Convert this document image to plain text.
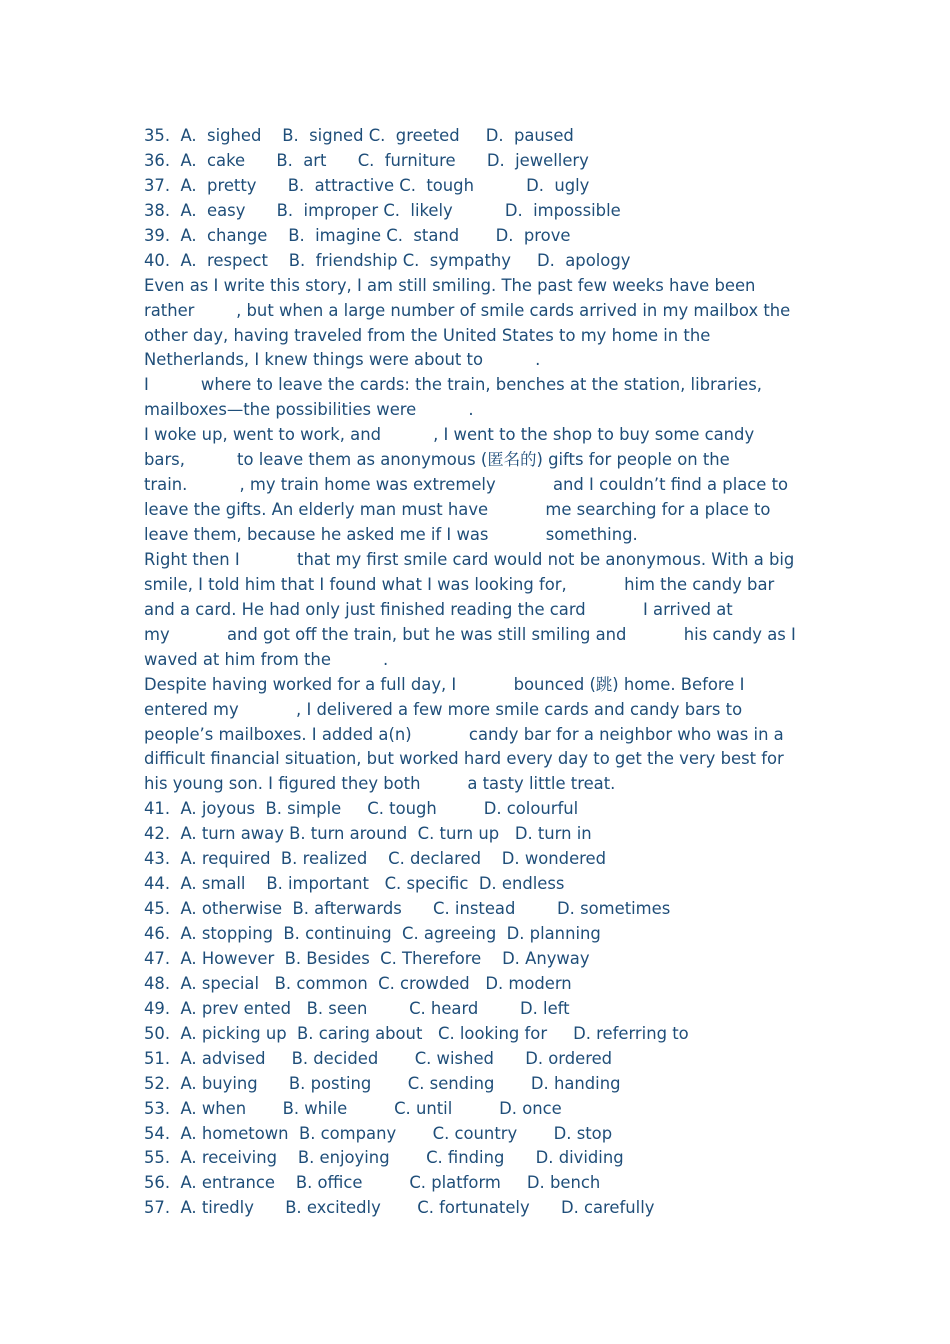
35.  A.  sighed    B.  signed C.  greeted     D.  paused
36.  A.  cake      B.  art      C.  furniture      D.  jewellery
37.  A.  pretty      B.  attractive C.  tough          D.  ugly
38.  A.  easy      B.  improper C.  likely          D.  impossible
39.  A.  change    B.  imagine C.  stand       D.  prove
40.  A.  respect    B.  friendship C.  sympathy     D.  apology
Even as I write this story, I am still smiling. The past few weeks have been
rather        , but when a large number of smile cards arrived in my mailbox the
other day, having traveled from the United States to my home in the
Netherlands, I knew things were about to          .
I          where to leave the cards: the train, benches at the station, libraries,
mailboxes—the possibilities were          .
I woke up, went to work, and          , I went to the shop to buy some candy
bars,          to leave them as anonymous (匿名的) gifts for people on the
train.          , my train home was extremely           and I couldn’t find a place to
leave the gifts. An elderly man must have           me searching for a place to
leave them, because he asked me if I was           something.
Right then I           that my first smile card would not be anonymous. With a big
smile, I told him that I found what I was looking for,           him the candy bar
and a card. He had only just finished reading the card           I arrived at
my           and got off the train, but he was still smiling and           his candy as I
waved at him from the          .
Despite having worked for a full day, I           bounced (跳) home. Before I
entered my           , I delivered a few more smile cards and candy bars to
people’s mailboxes. I added a(n)           candy bar for a neighbor who was in a
difficult financial situation, but worked hard every day to get the very best for
his young son. I figured they both         a tasty little treat.
41.  A. joyous  B. simple     C. tough         D. colourful
42.  A. turn away B. turn around  C. turn up   D. turn in
43.  A. required  B. realized    C. declared    D. wondered
44.  A. small    B. important   C. specific  D. endless
45.  A. otherwise  B. afterwards      C. instead        D. sometimes
46.  A. stopping  B. continuing  C. agreeing  D. planning
47.  A. However  B. Besides  C. Therefore    D. Anyway
48.  A. special   B. common  C. crowded   D. modern
49.  A. prev ented   B. seen        C. heard        D. left
50.  A. picking up  B. caring about   C. looking for     D. referring to
51.  A. advised     B. decided       C. wished      D. ordered
52.  A. buying      B. posting       C. sending       D. handing
53.  A. when       B. while         C. until         D. once
54.  A. hometown  B. company       C. country       D. stop
55.  A. receiving    B. enjoying       C. finding      D. dividing
56.  A. entrance    B. office         C. platform     D. bench
57.  A. tiredly      B. excitedly       C. fortunately      D. carefully
